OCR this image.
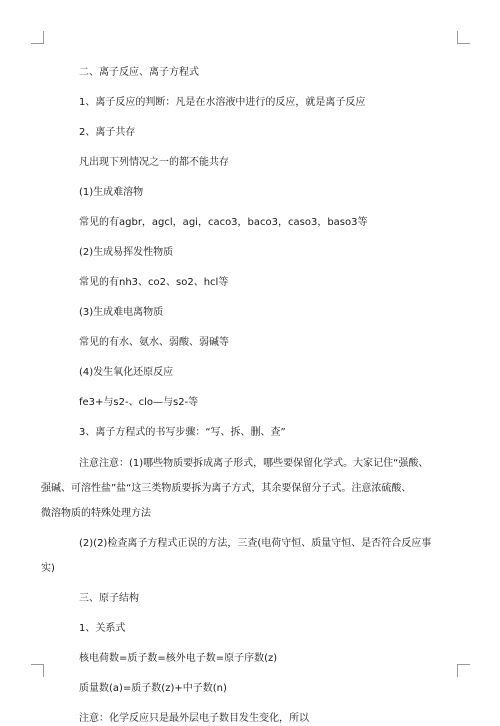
二、离子反应、离子方程式

1、离子反应的判断：凡是在水溶液中进行的反应，就是离子反应

2、离子共存

凡出现下列情况之一的都不能共存

(1)生成难溶物

常见的有agbr，agcl，agi，caco3，baco3，caso3，baso3等

(2)生成易挥发性物质

常见的有nh3、co2、so2、hcl等

(3)生成难电离物质

常见的有水、氨水、弱酸、弱碱等

(4)发生氧化还原反应

fe3+与s2-、clo—与s2-等

3、离子方程式的书写步骤：“写、拆、删、查”

注意注意：(1)哪些物质要拆成离子形式，哪些要保留化学式。大家记住“强酸、
强碱、可溶性盐”盐“这三类物质要拆为离子方式，其余要保留分子式。注意浓硫酸、
微溶物质的特殊处理方法
(2)(2)检查离子方程式正误的方法，三查(电荷守恒、质量守恒、是否符合反应事
实)

三、原子结构

1、关系式

核电荷数=质子数=核外电子数=原子序数(z)

质量数(a)=质子数(z)+中子数(n)

注意：化学反应只是最外层电子数目发生变化，所以
